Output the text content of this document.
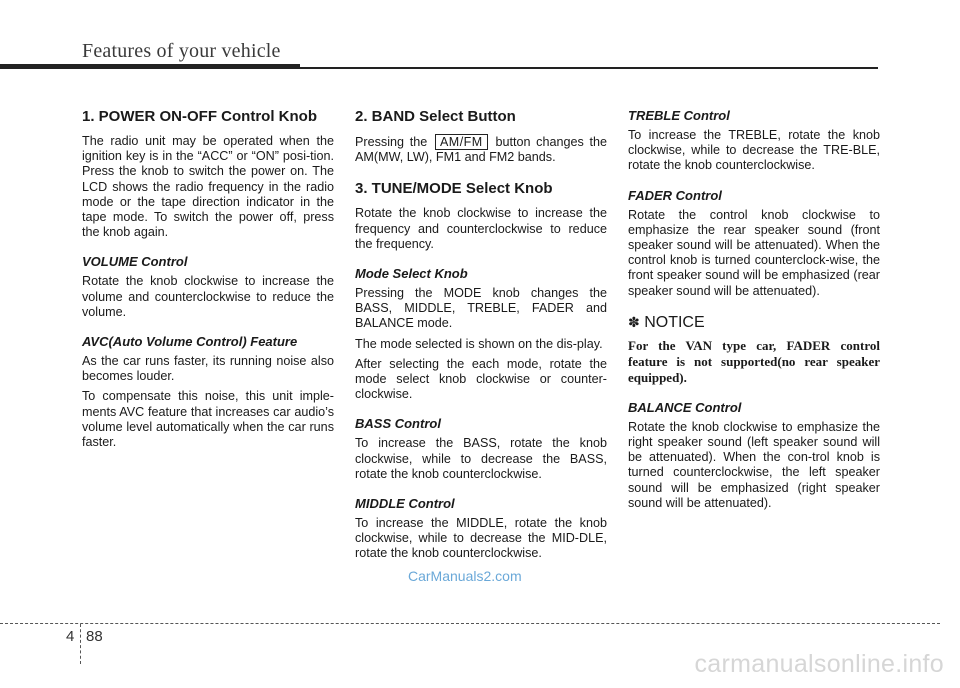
Features of your vehicle
1. POWER ON-OFF Control Knob

The radio unit may be operated when the ignition key is in the “ACC” or “ON” posi-tion. Press the knob to switch the power on. The LCD shows the radio frequency in the radio mode or the tape direction indicator in the tape mode. To switch the power off, press the knob again.

VOLUME Control

Rotate the knob clockwise to increase the volume and counterclockwise to reduce the volume.

AVC(Auto Volume Control) Feature

As the car runs faster, its running noise also becomes louder.

To compensate this noise, this unit imple-ments AVC feature that increases car audio’s volume level automatically when the car runs faster.

2. BAND Select Button

Pressing the AM/FM button changes the AM(MW, LW), FM1 and FM2 bands.

3. TUNE/MODE Select Knob

Rotate the knob clockwise to increase the frequency and counterclockwise to reduce the frequency.

Mode Select Knob

Pressing the MODE knob changes the BASS, MIDDLE, TREBLE, FADER and BALANCE mode.

The mode selected is shown on the dis-play.

After selecting the each mode, rotate the mode select knob clockwise or counter-clockwise.

BASS Control

To increase the BASS, rotate the knob clockwise, while to decrease the BASS, rotate the knob counterclockwise.

MIDDLE Control

To increase the MIDDLE, rotate the knob clockwise, while to decrease the MID-DLE, rotate the knob counterclockwise.

TREBLE Control

To increase the TREBLE, rotate the knob clockwise, while to decrease the TRE-BLE, rotate the knob counterclockwise.

FADER Control

Rotate the control knob clockwise to emphasize the rear speaker sound (front speaker sound will be attenuated). When the control knob is turned counterclock-wise, the front speaker sound will be emphasized (rear speaker sound will be attenuated).

✽ NOTICE

For the VAN type car, FADER control feature is not supported(no rear speaker equipped).

BALANCE Control

Rotate the knob clockwise to emphasize the right speaker sound (left speaker sound will be attenuated). When the con-trol knob is turned counterclockwise, the left speaker sound will be emphasized (right speaker sound will be attenuated).

CarManuals2.com
4 88
carmanualsonline.info
